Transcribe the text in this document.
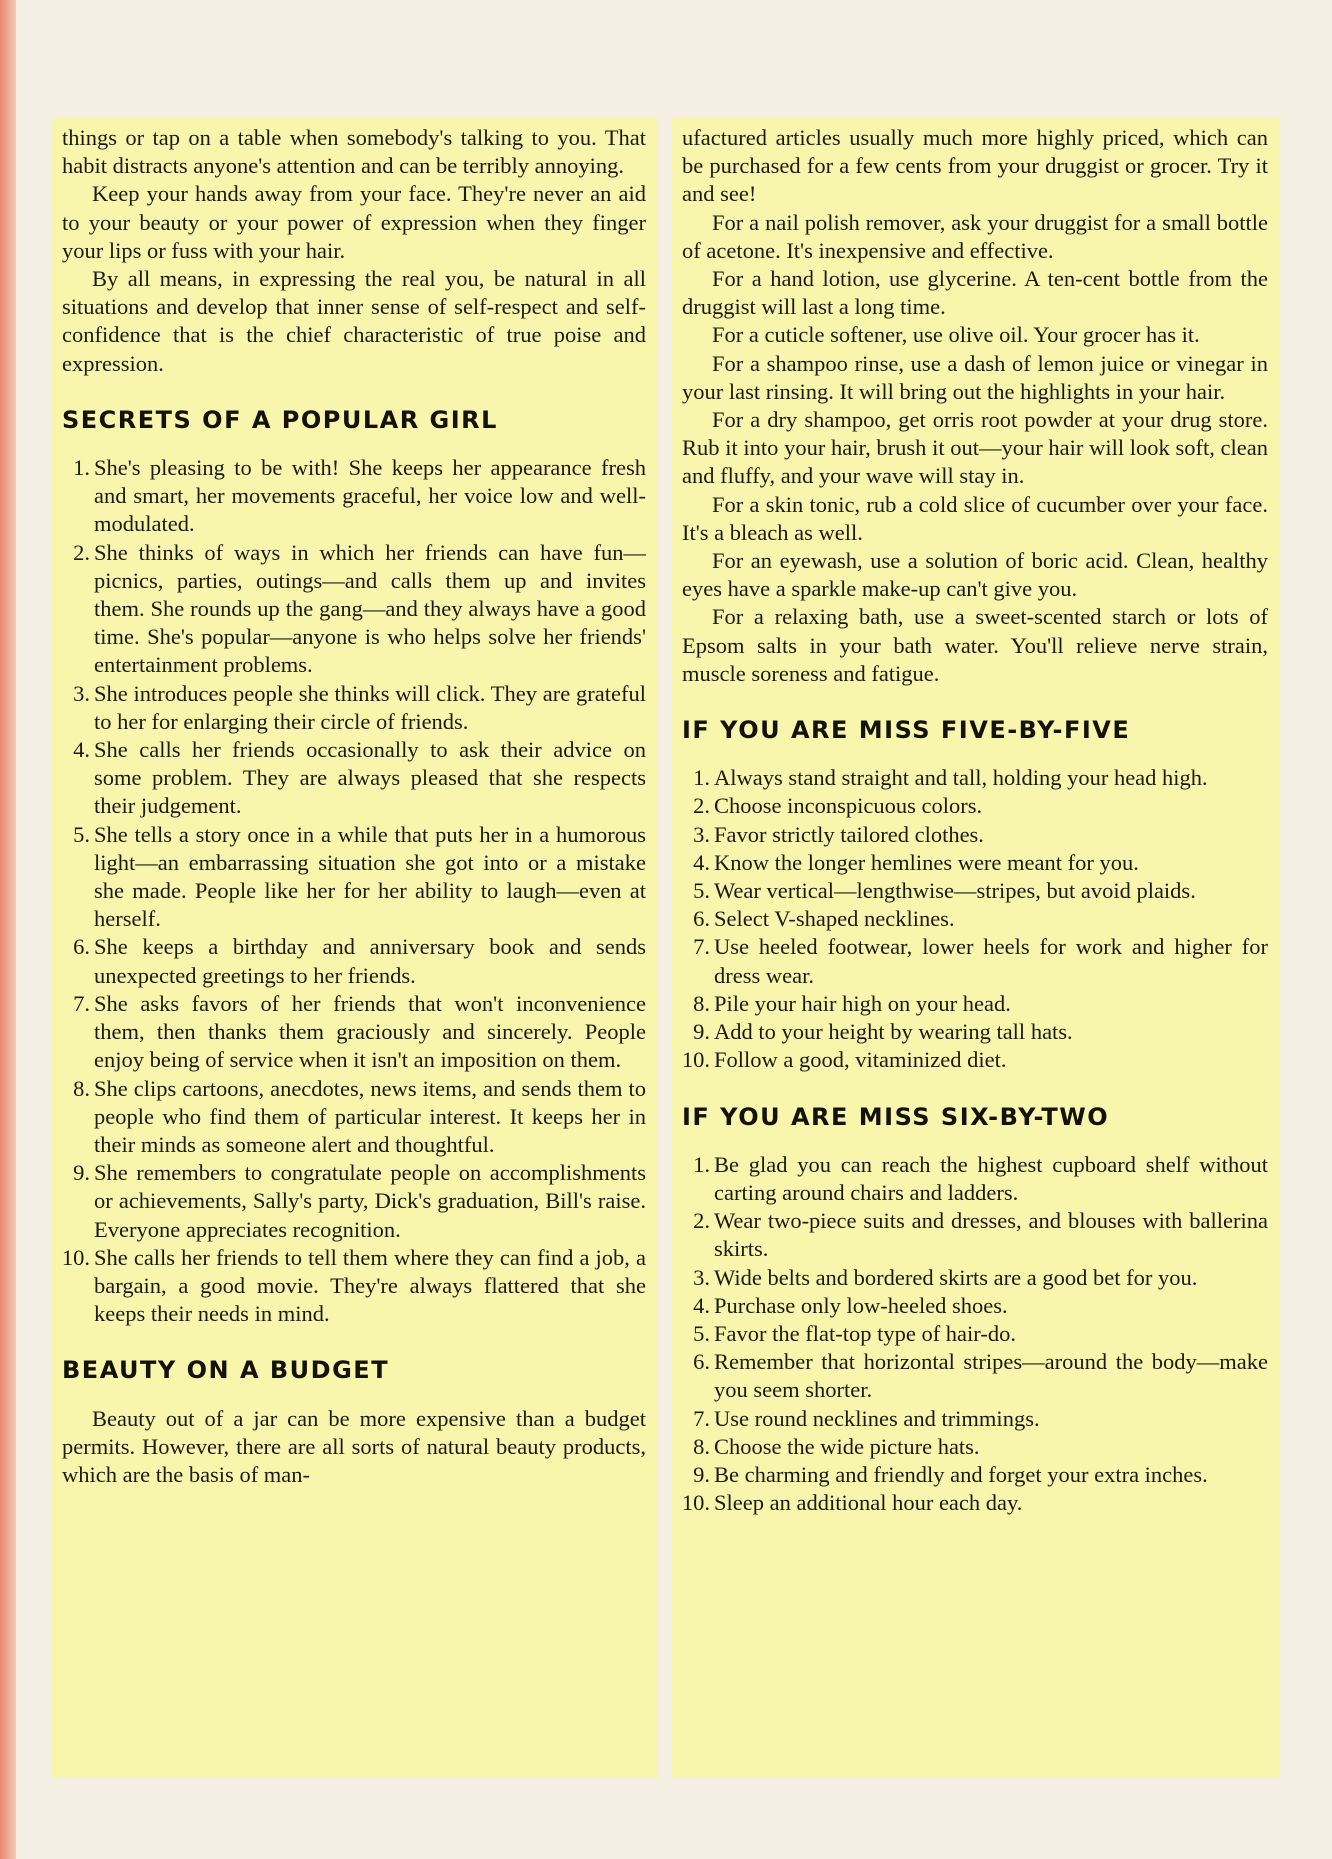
things or tap on a table when somebody's talking to you. That habit distracts anyone's attention and can be terribly annoying.

Keep your hands away from your face. They're never an aid to your beauty or your power of expression when they finger your lips or fuss with your hair.

By all means, in expressing the real you, be natural in all situations and develop that inner sense of self-respect and self-confidence that is the chief characteristic of true poise and expression.

SECRETS OF A POPULAR GIRL
1. She's pleasing to be with! She keeps her appearance fresh and smart, her movements graceful, her voice low and well-modulated.
2. She thinks of ways in which her friends can have fun—picnics, parties, outings—and calls them up and invites them. She rounds up the gang—and they always have a good time. She's popular—anyone is who helps solve her friends' entertainment problems.
3. She introduces people she thinks will click. They are grateful to her for enlarging their circle of friends.
4. She calls her friends occasionally to ask their advice on some problem. They are always pleased that she respects their judgement.
5. She tells a story once in a while that puts her in a humorous light—an embarrassing situation she got into or a mistake she made. People like her for her ability to laugh—even at herself.
6. She keeps a birthday and anniversary book and sends unexpected greetings to her friends.
7. She asks favors of her friends that won't inconvenience them, then thanks them graciously and sincerely. People enjoy being of service when it isn't an imposition on them.
8. She clips cartoons, anecdotes, news items, and sends them to people who find them of particular interest. It keeps her in their minds as someone alert and thoughtful.
9. She remembers to congratulate people on accomplishments or achievements, Sally's party, Dick's graduation, Bill's raise. Everyone appreciates recognition.
10. She calls her friends to tell them where they can find a job, a bargain, a good movie. They're always flattered that she keeps their needs in mind.
BEAUTY ON A BUDGET

Beauty out of a jar can be more expensive than a budget permits. However, there are all sorts of natural beauty products, which are the basis of man-

ufactured articles usually much more highly priced, which can be purchased for a few cents from your druggist or grocer. Try it and see!

For a nail polish remover, ask your druggist for a small bottle of acetone. It's inexpensive and effective.

For a hand lotion, use glycerine. A ten-cent bottle from the druggist will last a long time.

For a cuticle softener, use olive oil. Your grocer has it.

For a shampoo rinse, use a dash of lemon juice or vinegar in your last rinsing. It will bring out the highlights in your hair.

For a dry shampoo, get orris root powder at your drug store. Rub it into your hair, brush it out—your hair will look soft, clean and fluffy, and your wave will stay in.

For a skin tonic, rub a cold slice of cucumber over your face. It's a bleach as well.

For an eyewash, use a solution of boric acid. Clean, healthy eyes have a sparkle make-up can't give you.

For a relaxing bath, use a sweet-scented starch or lots of Epsom salts in your bath water. You'll relieve nerve strain, muscle soreness and fatigue.

IF YOU ARE MISS FIVE-BY-FIVE
1. Always stand straight and tall, holding your head high.
2. Choose inconspicuous colors.
3. Favor strictly tailored clothes.
4. Know the longer hemlines were meant for you.
5. Wear vertical—lengthwise—stripes, but avoid plaids.
6. Select V-shaped necklines.
7. Use heeled footwear, lower heels for work and higher for dress wear.
8. Pile your hair high on your head.
9. Add to your height by wearing tall hats.
10. Follow a good, vitaminized diet.
IF YOU ARE MISS SIX-BY-TWO
1. Be glad you can reach the highest cupboard shelf without carting around chairs and ladders.
2. Wear two-piece suits and dresses, and blouses with ballerina skirts.
3. Wide belts and bordered skirts are a good bet for you.
4. Purchase only low-heeled shoes.
5. Favor the flat-top type of hair-do.
6. Remember that horizontal stripes—around the body—make you seem shorter.
7. Use round necklines and trimmings.
8. Choose the wide picture hats.
9. Be charming and friendly and forget your extra inches.
10. Sleep an additional hour each day.
